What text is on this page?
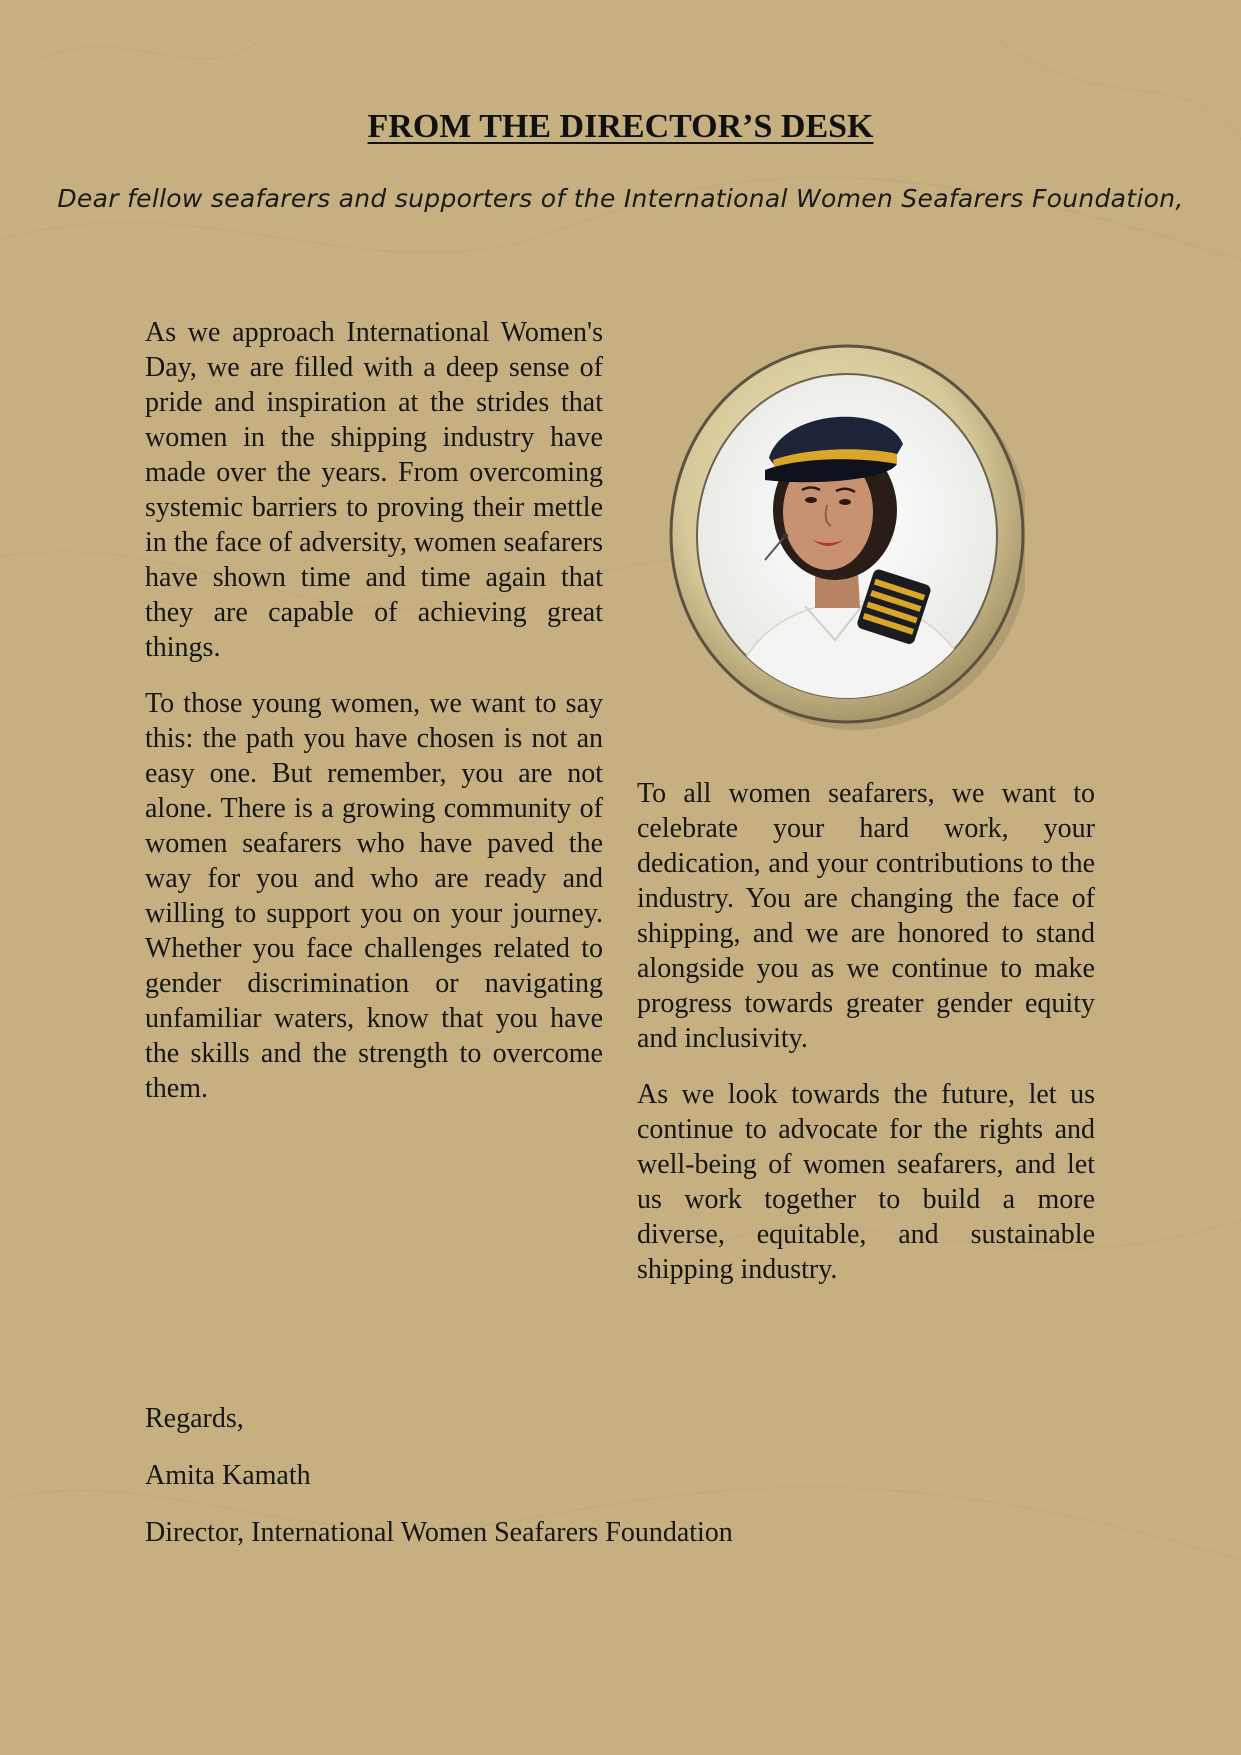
FROM THE DIRECTOR’S DESK
Dear fellow seafarers and supporters of the International Women Seafarers Foundation,

As we approach International Women's Day, we are filled with a deep sense of pride and inspiration at the strides that women in the shipping industry have made over the years. From overcoming systemic barriers to proving their mettle in the face of adversity, women seafarers have shown time and time again that they are capable of achieving great things.

To those young women, we want to say this: the path you have chosen is not an easy one. But remember, you are not alone. There is a growing community of women seafarers who have paved the way for you and who are ready and willing to support you on your journey. Whether you face challenges related to gender discrimination or navigating unfamiliar waters, know that you have the skills and the strength to overcome them.

To all women seafarers, we want to celebrate your hard work, your dedication, and your contributions to the industry. You are changing the face of shipping, and we are honored to stand alongside you as we continue to make progress towards greater gender equity and inclusivity.

As we look towards the future, let us continue to advocate for the rights and well-being of women seafarers, and let us work together to build a more diverse, equitable, and sustainable shipping industry.

Regards,
Amita Kamath
Director, International Women Seafarers Foundation
